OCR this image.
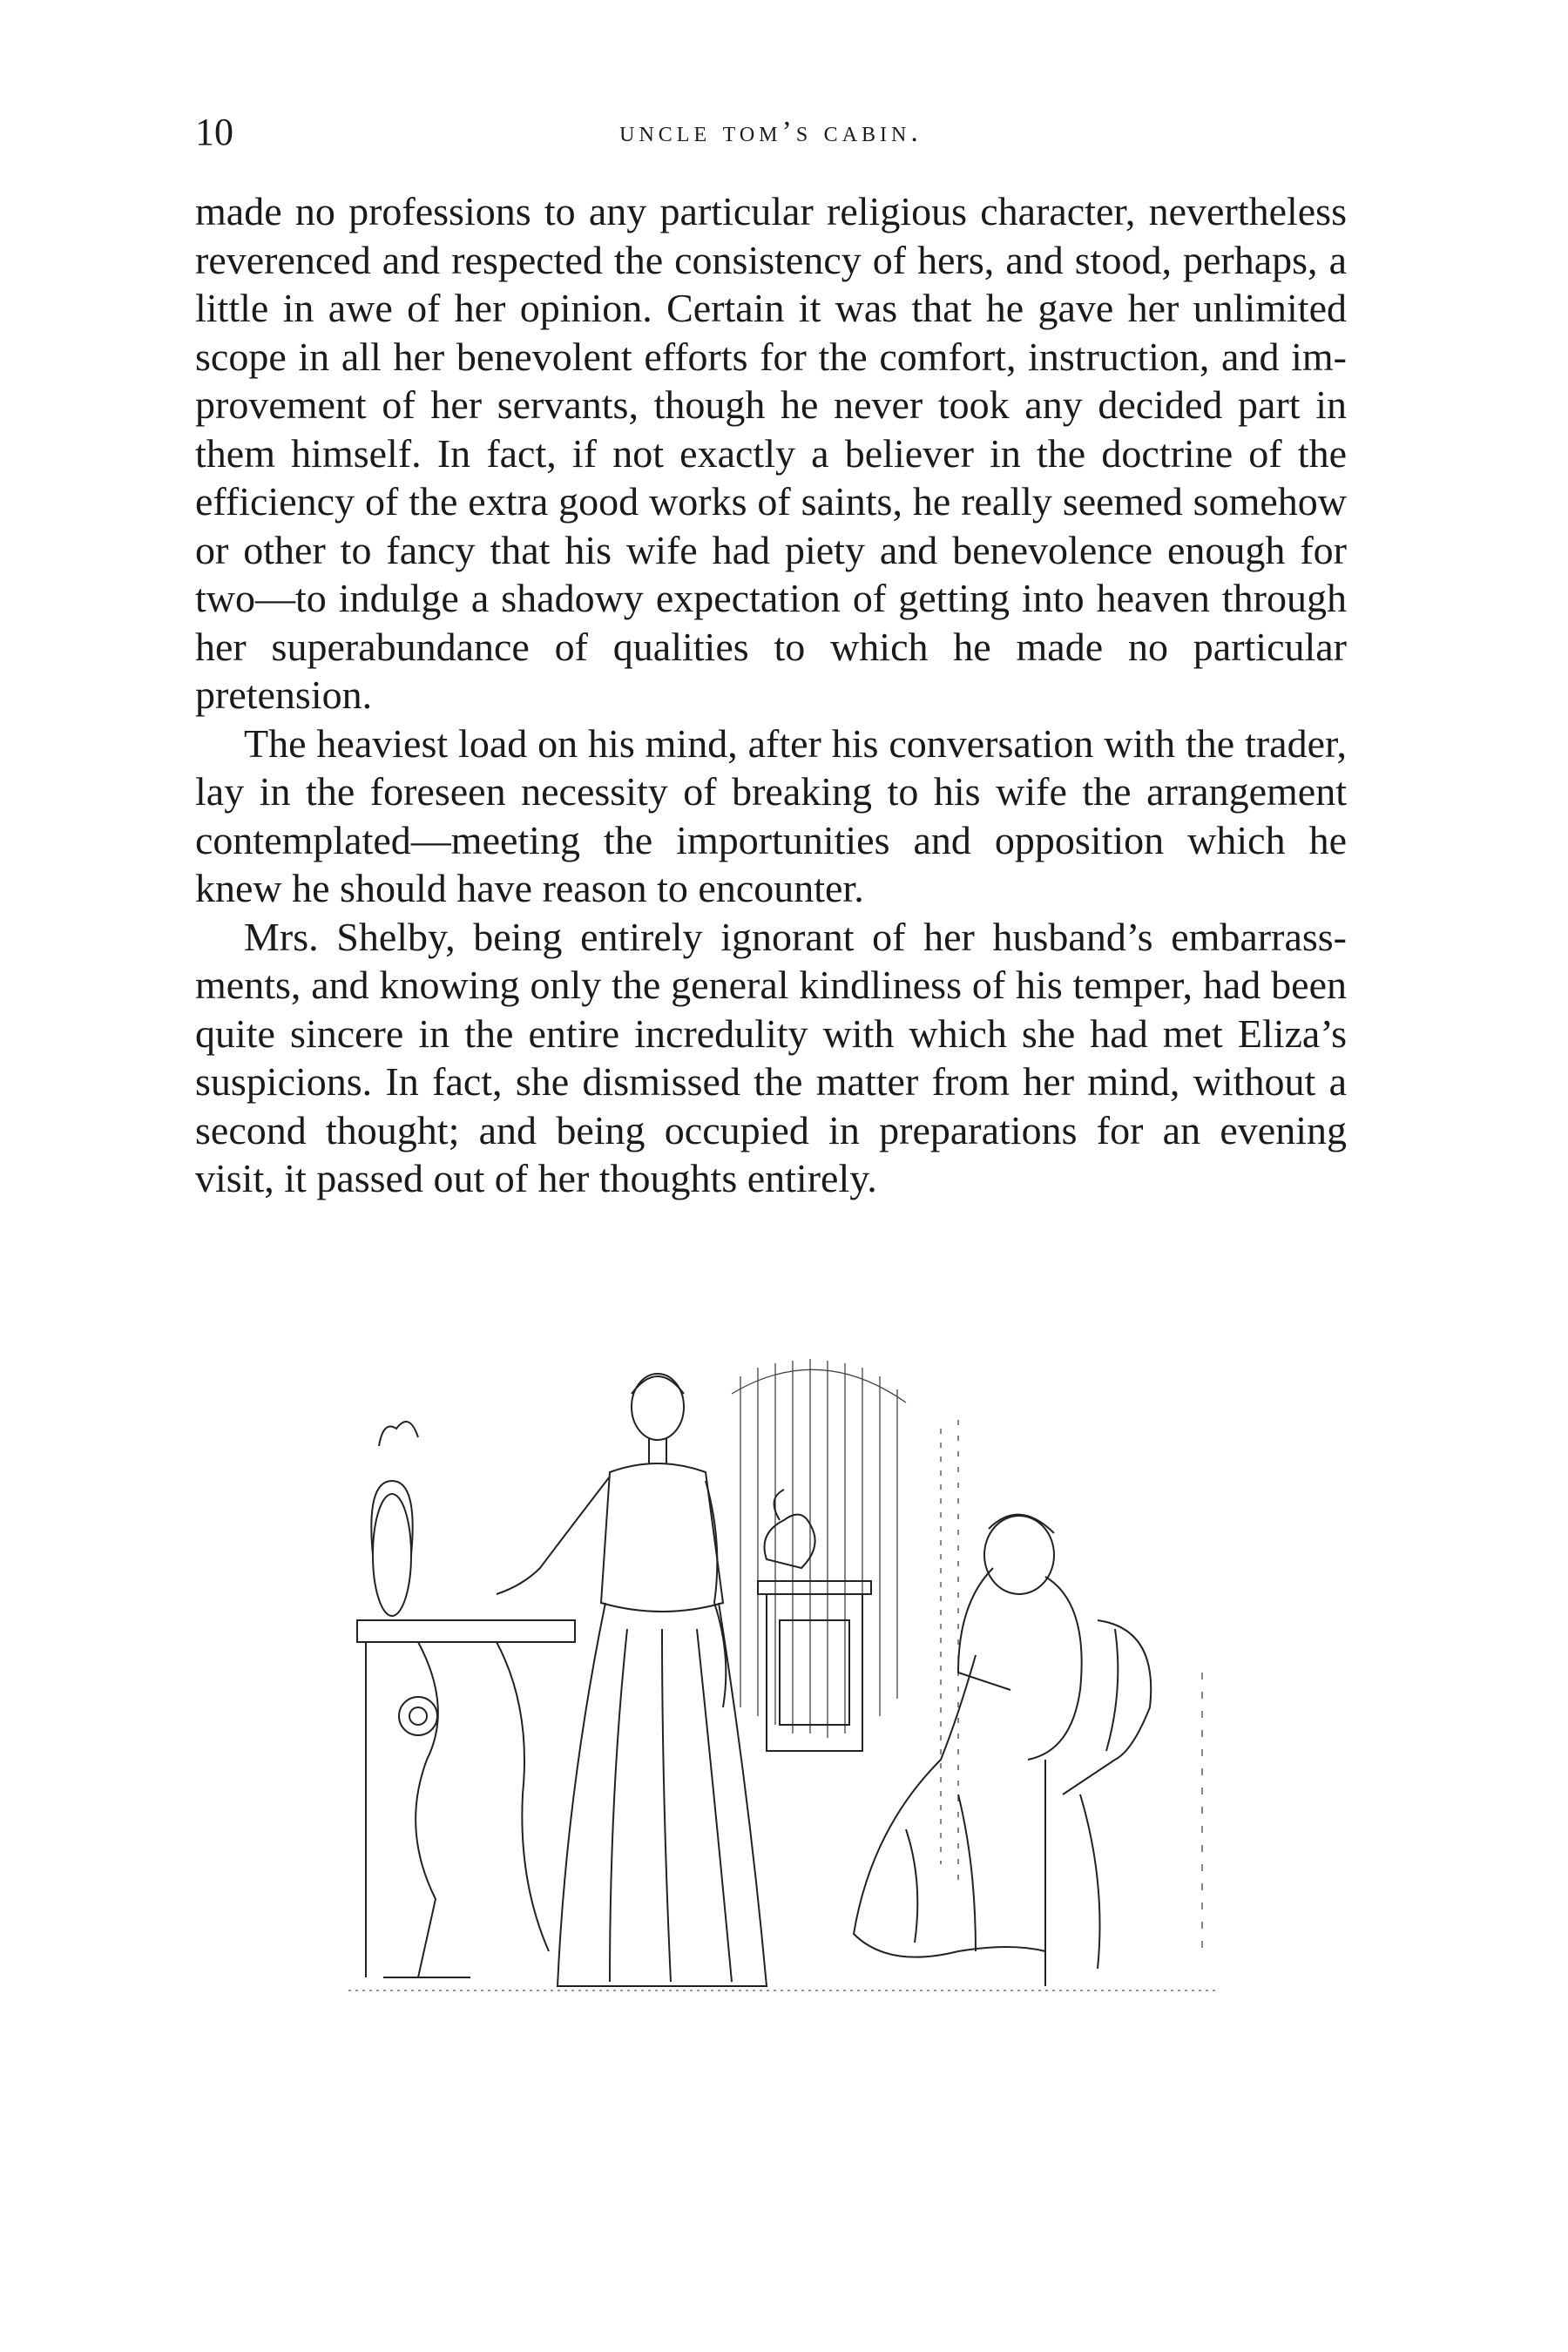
10	uncle tom’s cabin.

made no professions to any particular religious character, nevertheless reverenced and respected the consistency of hers, and stood, perhaps, a little in awe of her opinion. Certain it was that he gave her unlimited scope in all her benevolent efforts for the comfort, instruction, and improvement of her servants, though he never took any decided part in them himself. In fact, if not exactly a believer in the doctrine of the efficiency of the extra good works of saints, he really seemed somehow or other to fancy that his wife had piety and benevolence enough for two—to indulge a shadowy expectation of getting into heaven through her superabundance of qualities to which he made no particular pretension.

The heaviest load on his mind, after his conversation with the trader, lay in the foreseen necessity of breaking to his wife the arrangement contemplated—meeting the importunities and opposition which he knew he should have reason to encounter.

Mrs. Shelby, being entirely ignorant of her husband’s embarrassments, and knowing only the general kindliness of his temper, had been quite sincere in the entire incredulity with which she had met Eliza’s suspicions. In fact, she dismissed the matter from her mind, without a second thought; and being occupied in preparations for an evening visit, it passed out of her thoughts entirely.
